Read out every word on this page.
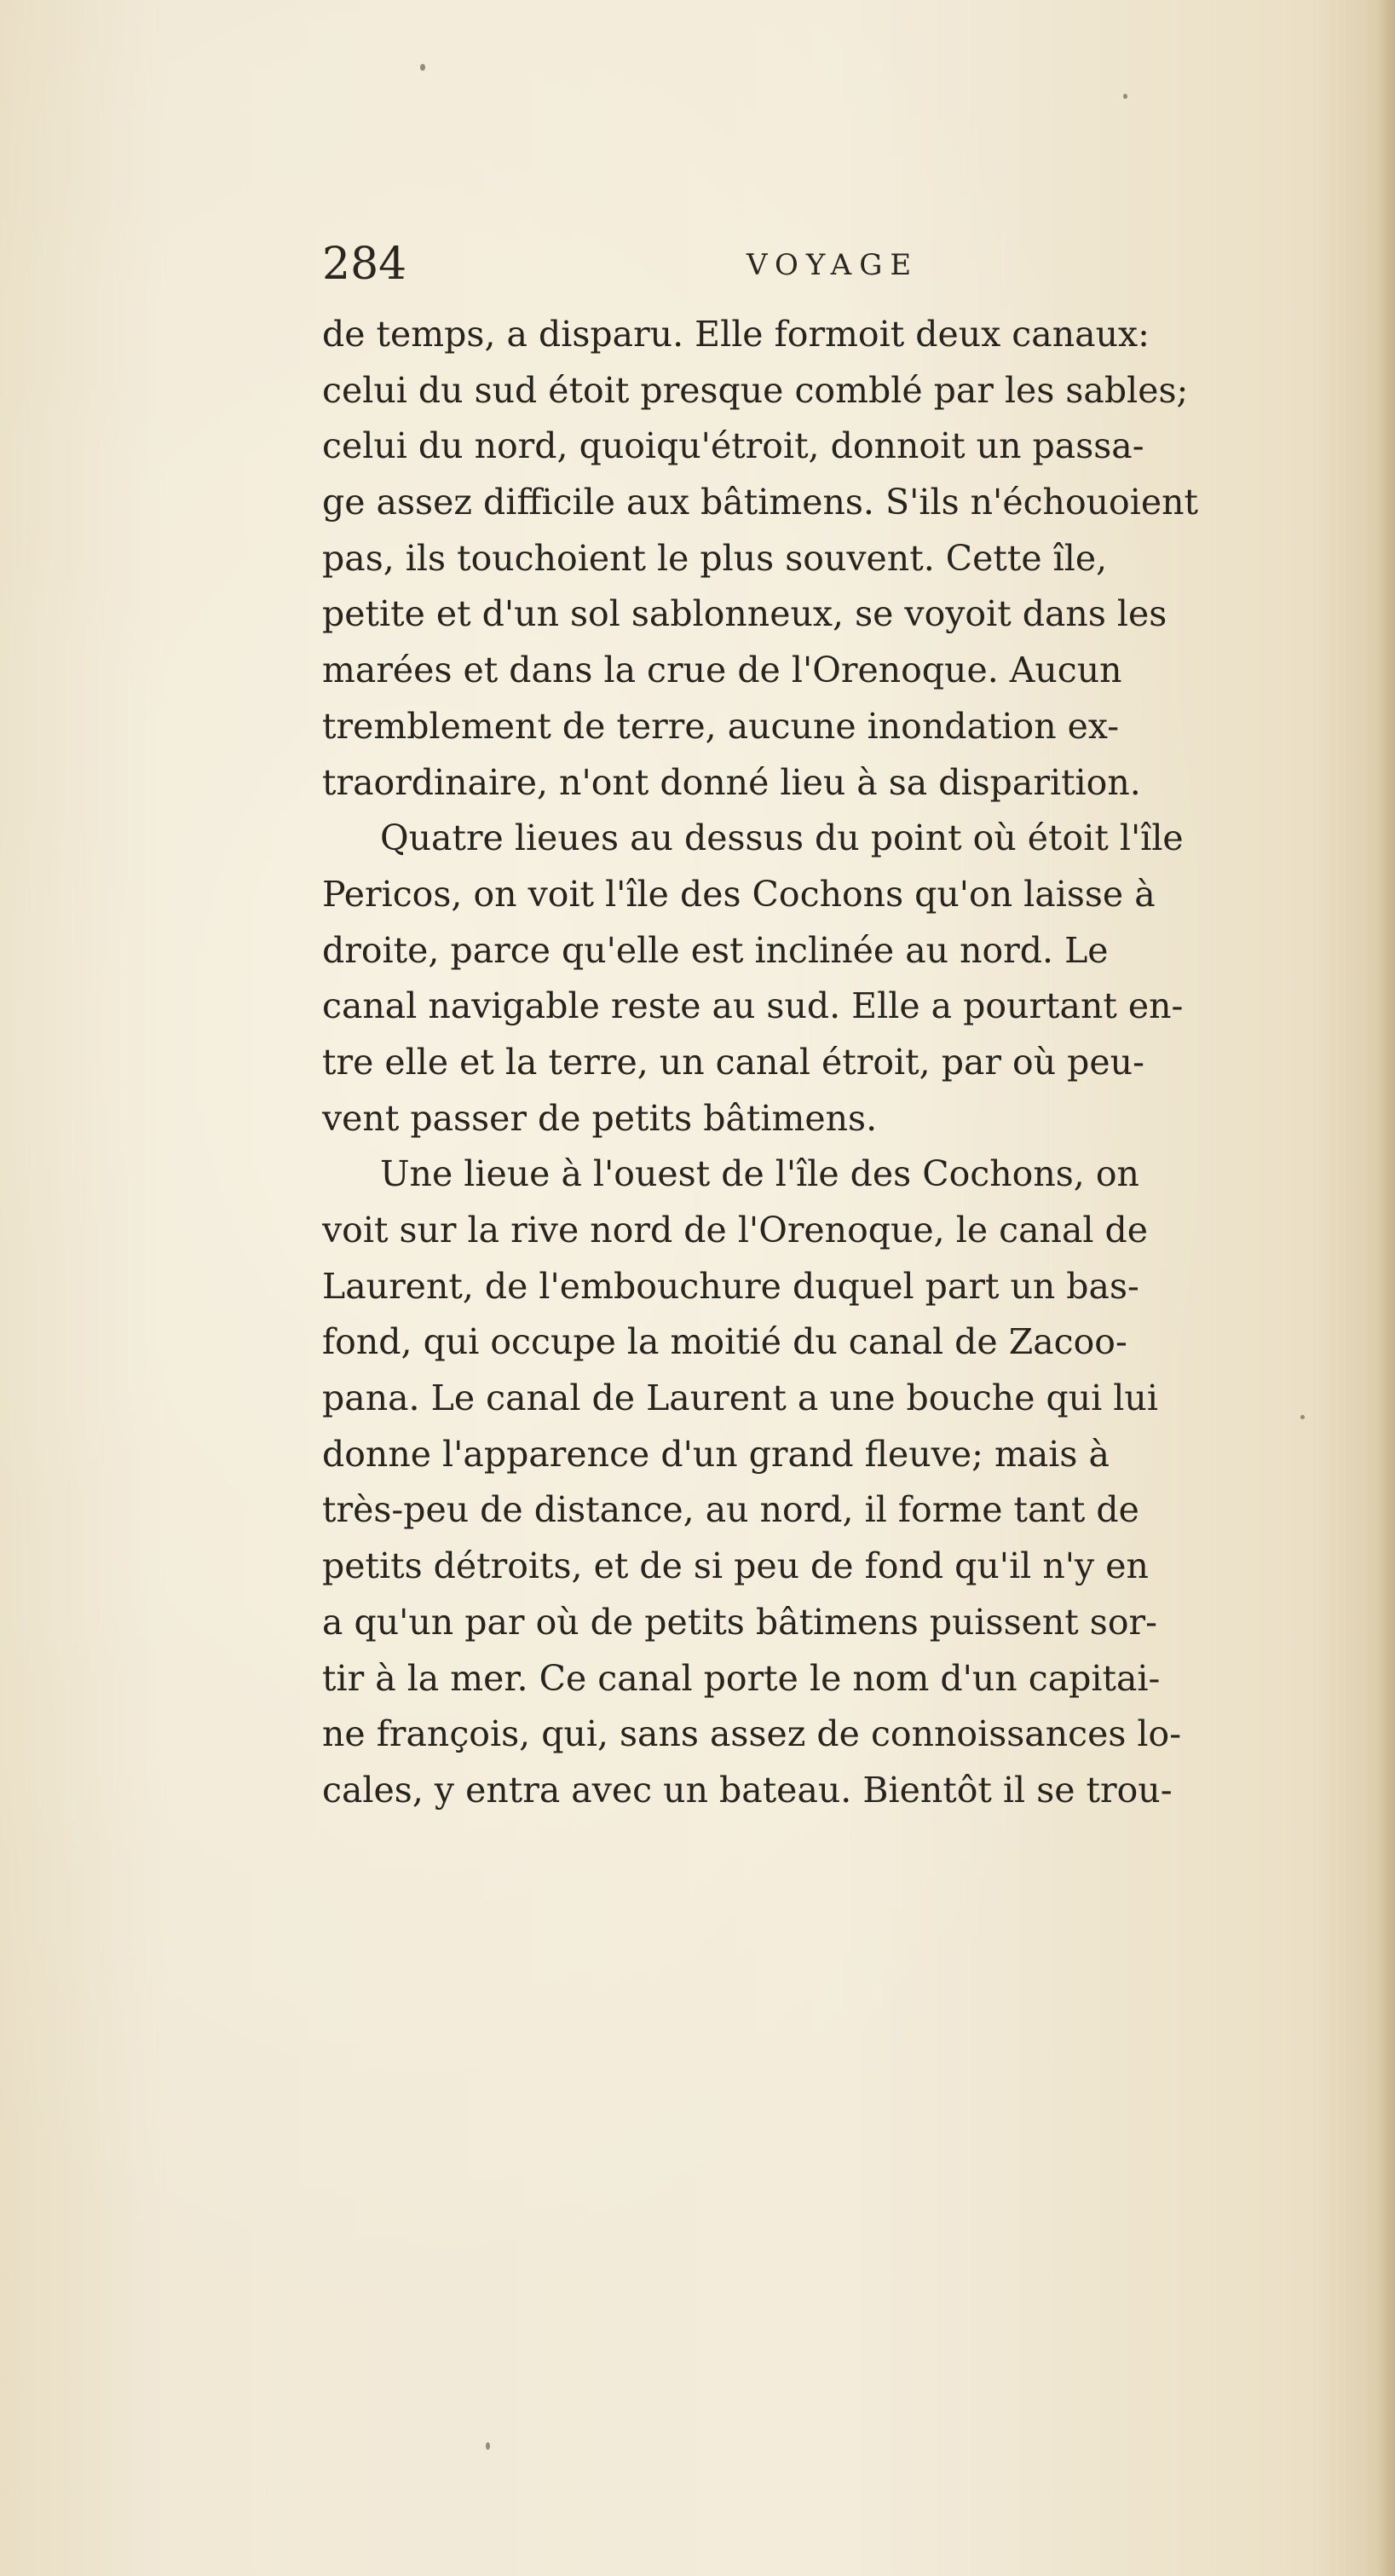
284	VOYAGE
de temps, a disparu. Elle formoit deux canaux:
celui du sud étoit presque comblé par les sables;
celui du nord, quoiqu'étroit, donnoit un passa-
ge assez difficile aux bâtimens. S'ils n'échouoient
pas, ils touchoient le plus souvent. Cette île,
petite et d'un sol sablonneux, se voyoit dans les
marées et dans la crue de l'Orenoque. Aucun
tremblement de terre, aucune inondation ex-
traordinaire, n'ont donné lieu à sa disparition.
Quatre lieues au dessus du point où étoit l'île
Pericos, on voit l'île des Cochons qu'on laisse à
droite, parce qu'elle est inclinée au nord. Le
canal navigable reste au sud. Elle a pourtant en-
tre elle et la terre, un canal étroit, par où peu-
vent passer de petits bâtimens.
Une lieue à l'ouest de l'île des Cochons, on
voit sur la rive nord de l'Orenoque, le canal de
Laurent, de l'embouchure duquel part un bas-
fond, qui occupe la moitié du canal de Zacoo-
pana. Le canal de Laurent a une bouche qui lui
donne l'apparence d'un grand fleuve; mais à
très-peu de distance, au nord, il forme tant de
petits détroits, et de si peu de fond qu'il n'y en
a qu'un par où de petits bâtimens puissent sor-
tir à la mer. Ce canal porte le nom d'un capitai-
ne françois, qui, sans assez de connoissances lo-
cales, y entra avec un bateau. Bientôt il se trou-
